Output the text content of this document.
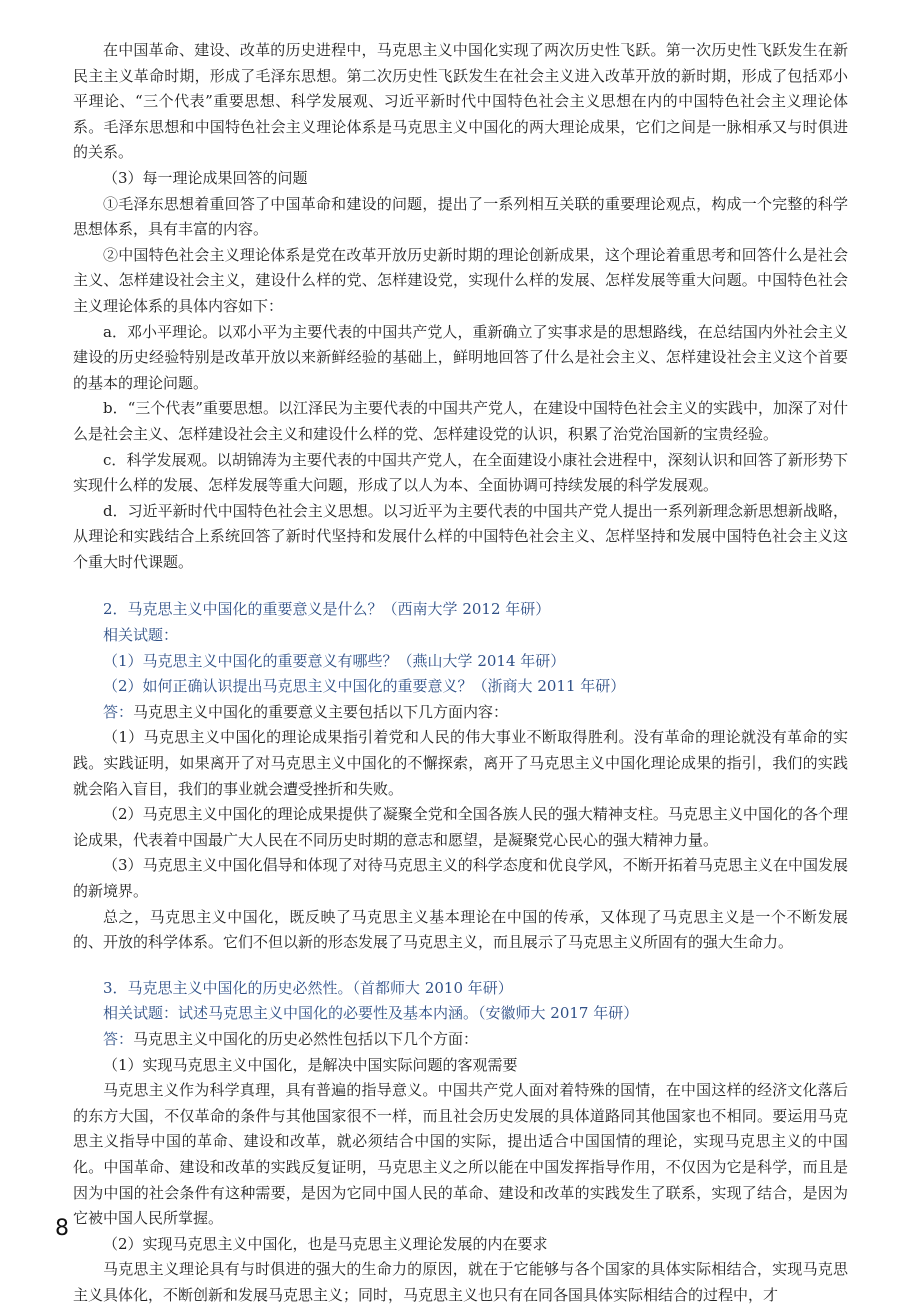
在中国革命、建设、改革的历史进程中，马克思主义中国化实现了两次历史性飞跃。第一次历史性飞跃发生在新民主主义革命时期，形成了毛泽东思想。第二次历史性飞跃发生在社会主义进入改革开放的新时期，形成了包括邓小平理论、“三个代表”重要思想、科学发展观、习近平新时代中国特色社会主义思想在内的中国特色社会主义理论体系。毛泽东思想和中国特色社会主义理论体系是马克思主义中国化的两大理论成果，它们之间是一脉相承又与时俱进的关系。

（3）每一理论成果回答的问题

①毛泽东思想着重回答了中国革命和建设的问题，提出了一系列相互关联的重要理论观点，构成一个完整的科学思想体系，具有丰富的内容。

②中国特色社会主义理论体系是党在改革开放历史新时期的理论创新成果，这个理论着重思考和回答什么是社会主义、怎样建设社会主义，建设什么样的党、怎样建设党，实现什么样的发展、怎样发展等重大问题。中国特色社会主义理论体系的具体内容如下：

a．邓小平理论。以邓小平为主要代表的中国共产党人，重新确立了实事求是的思想路线，在总结国内外社会主义建设的历史经验特别是改革开放以来新鲜经验的基础上，鲜明地回答了什么是社会主义、怎样建设社会主义这个首要的基本的理论问题。

b．“三个代表”重要思想。以江泽民为主要代表的中国共产党人，在建设中国特色社会主义的实践中，加深了对什么是社会主义、怎样建设社会主义和建设什么样的党、怎样建设党的认识，积累了治党治国新的宝贵经验。

c．科学发展观。以胡锦涛为主要代表的中国共产党人，在全面建设小康社会进程中，深刻认识和回答了新形势下实现什么样的发展、怎样发展等重大问题，形成了以人为本、全面协调可持续发展的科学发展观。

d．习近平新时代中国特色社会主义思想。以习近平为主要代表的中国共产党人提出一系列新理念新思想新战略，从理论和实践结合上系统回答了新时代坚持和发展什么样的中国特色社会主义、怎样坚持和发展中国特色社会主义这个重大时代课题。

2．马克思主义中国化的重要意义是什么？（西南大学 2012 年研）

相关试题：

（1）马克思主义中国化的重要意义有哪些？（燕山大学 2014 年研）

（2）如何正确认识提出马克思主义中国化的重要意义？（浙商大 2011 年研）

答：马克思主义中国化的重要意义主要包括以下几方面内容：

（1）马克思主义中国化的理论成果指引着党和人民的伟大事业不断取得胜利。没有革命的理论就没有革命的实践。实践证明，如果离开了对马克思主义中国化的不懈探索，离开了马克思主义中国化理论成果的指引，我们的实践就会陷入盲目，我们的事业就会遭受挫折和失败。

（2）马克思主义中国化的理论成果提供了凝聚全党和全国各族人民的强大精神支柱。马克思主义中国化的各个理论成果，代表着中国最广大人民在不同历史时期的意志和愿望，是凝聚党心民心的强大精神力量。

（3）马克思主义中国化倡导和体现了对待马克思主义的科学态度和优良学风，不断开拓着马克思主义在中国发展的新境界。

总之，马克思主义中国化，既反映了马克思主义基本理论在中国的传承，又体现了马克思主义是一个不断发展的、开放的科学体系。它们不但以新的形态发展了马克思主义，而且展示了马克思主义所固有的强大生命力。

3．马克思主义中国化的历史必然性。（首都师大 2010 年研）

相关试题：试述马克思主义中国化的必要性及基本内涵。（安徽师大 2017 年研）

答：马克思主义中国化的历史必然性包括以下几个方面：

（1）实现马克思主义中国化，是解决中国实际问题的客观需要

马克思主义作为科学真理，具有普遍的指导意义。中国共产党人面对着特殊的国情，在中国这样的经济文化落后的东方大国，不仅革命的条件与其他国家很不一样，而且社会历史发展的具体道路同其他国家也不相同。要运用马克思主义指导中国的革命、建设和改革，就必须结合中国的实际，提出适合中国国情的理论，实现马克思主义的中国化。中国革命、建设和改革的实践反复证明，马克思主义之所以能在中国发挥指导作用，不仅因为它是科学，而且是因为中国的社会条件有这种需要，是因为它同中国人民的革命、建设和改革的实践发生了联系，实现了结合，是因为它被中国人民所掌握。

（2）实现马克思主义中国化，也是马克思主义理论发展的内在要求

马克思主义理论具有与时俱进的强大的生命力的原因，就在于它能够与各个国家的具体实际相结合，实现马克思主义具体化，不断创新和发展马克思主义；同时，马克思主义也只有在同各国具体实际相结合的过程中，才

8
